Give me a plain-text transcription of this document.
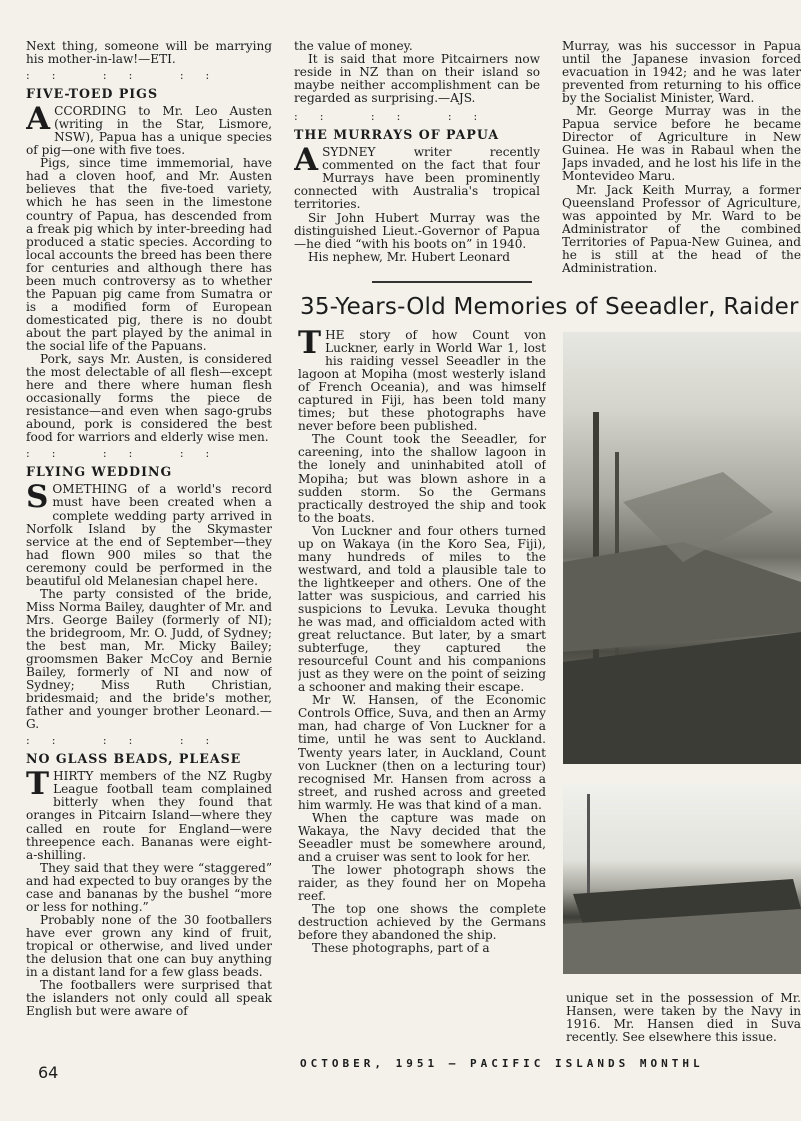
Next thing, someone will be marrying his mother-in-law!—ETI.

:: :: ::

FIVE-TOED PIGS

ACCORDING to Mr. Leo Austen (writing in the Star, Lismore, NSW), Papua has a unique species of pig—one with five toes.

Pigs, since time immemorial, have had a cloven hoof, and Mr. Austen believes that the five-toed variety, which he has seen in the limestone country of Papua, has descended from a freak pig which by inter-breeding had produced a static species. According to local accounts the breed has been there for centuries and although there has been much controversy as to whether the Papuan pig came from Sumatra or is a modified form of European domesticated pig, there is no doubt about the part played by the animal in the social life of the Papuans.

Pork, says Mr. Austen, is considered the most delectable of all flesh—except here and there where human flesh occasionally forms the piece de resistance—and even when sago-grubs abound, pork is considered the best food for warriors and elderly wise men.

:: :: ::

FLYING WEDDING

SOMETHING of a world's record must have been created when a complete wedding party arrived in Norfolk Island by the Skymaster service at the end of September—they had flown 900 miles so that the ceremony could be performed in the beautiful old Melanesian chapel here.

The party consisted of the bride, Miss Norma Bailey, daughter of Mr. and Mrs. George Bailey (formerly of NI); the bridegroom, Mr. O. Judd, of Sydney; the best man, Mr. Micky Bailey; groomsmen Baker McCoy and Bernie Bailey, formerly of NI and now of Sydney; Miss Ruth Christian, bridesmaid; and the bride's mother, father and younger brother Leonard.—G.

:: :: ::

NO GLASS BEADS, PLEASE

THIRTY members of the NZ Rugby League football team complained bitterly when they found that oranges in Pitcairn Island—where they called en route for England—were threepence each. Bananas were eight-a-shilling.

They said that they were “staggered” and had expected to buy oranges by the case and bananas by the bushel “more or less for nothing.”

Probably none of the 30 footballers have ever grown any kind of fruit, tropical or otherwise, and lived under the delusion that one can buy anything in a distant land for a few glass beads.

The footballers were surprised that the islanders not only could all speak English but were aware of

the value of money.

It is said that more Pitcairners now reside in NZ than on their island so maybe neither accomplishment can be regarded as surprising.—AJS.

:: :: ::

THE MURRAYS OF PAPUA

ASYDNEY writer recently commented on the fact that four Murrays have been prominently connected with Australia's tropical territories.

Sir John Hubert Murray was the distinguished Lieut.-Governor of Papua—he died “with his boots on” in 1940.

His nephew, Mr. Hubert Leonard

Murray, was his successor in Papua until the Japanese invasion forced evacuation in 1942; and he was later prevented from returning to his office by the Socialist Minister, Ward.

Mr. George Murray was in the Papua service before he became Director of Agriculture in New Guinea. He was in Rabaul when the Japs invaded, and he lost his life in the Montevideo Maru.

Mr. Jack Keith Murray, a former Queensland Professor of Agriculture, was appointed by Mr. Ward to be Administrator of the combined Territories of Papua-New Guinea, and he is still at the head of the Administration.

35-Years-Old Memories of Seeadler, Raider

THE story of how Count von Luckner, early in World War 1, lost his raiding vessel Seeadler in the lagoon at Mopiha (most westerly island of French Oceania), and was himself captured in Fiji, has been told many times; but these photographs have never before been published.

The Count took the Seeadler, for careening, into the shallow lagoon in the lonely and uninhabited atoll of Mopiha; but was blown ashore in a sudden storm. So the Germans practically destroyed the ship and took to the boats.

Von Luckner and four others turned up on Wakaya (in the Koro Sea, Fiji), many hundreds of miles to the westward, and told a plausible tale to the lightkeeper and others. One of the latter was suspicious, and carried his suspicions to Levuka. Levuka thought he was mad, and officialdom acted with great reluctance. But later, by a smart subterfuge, they captured the resourceful Count and his companions just as they were on the point of seizing a schooner and making their escape.

Mr W. Hansen, of the Economic Controls Office, Suva, and then an Army man, had charge of Von Luckner for a time, until he was sent to Auckland. Twenty years later, in Auckland, Count von Luckner (then on a lecturing tour) recognised Mr. Hansen from across a street, and rushed across and greeted him warmly. He was that kind of a man.

When the capture was made on Wakaya, the Navy decided that the Seeadler must be somewhere around, and a cruiser was sent to look for her.

The lower photograph shows the raider, as they found her on Mopeha reef.

The top one shows the complete destruction achieved by the Germans before they abandoned the ship.

These photographs, part of a

unique set in the possession of Mr. Hansen, were taken by the Navy in 1916. Mr. Hansen died in Suva recently. See elsewhere this issue.

OCTOBER, 1951 — PACIFIC ISLANDS MONTHL
64
